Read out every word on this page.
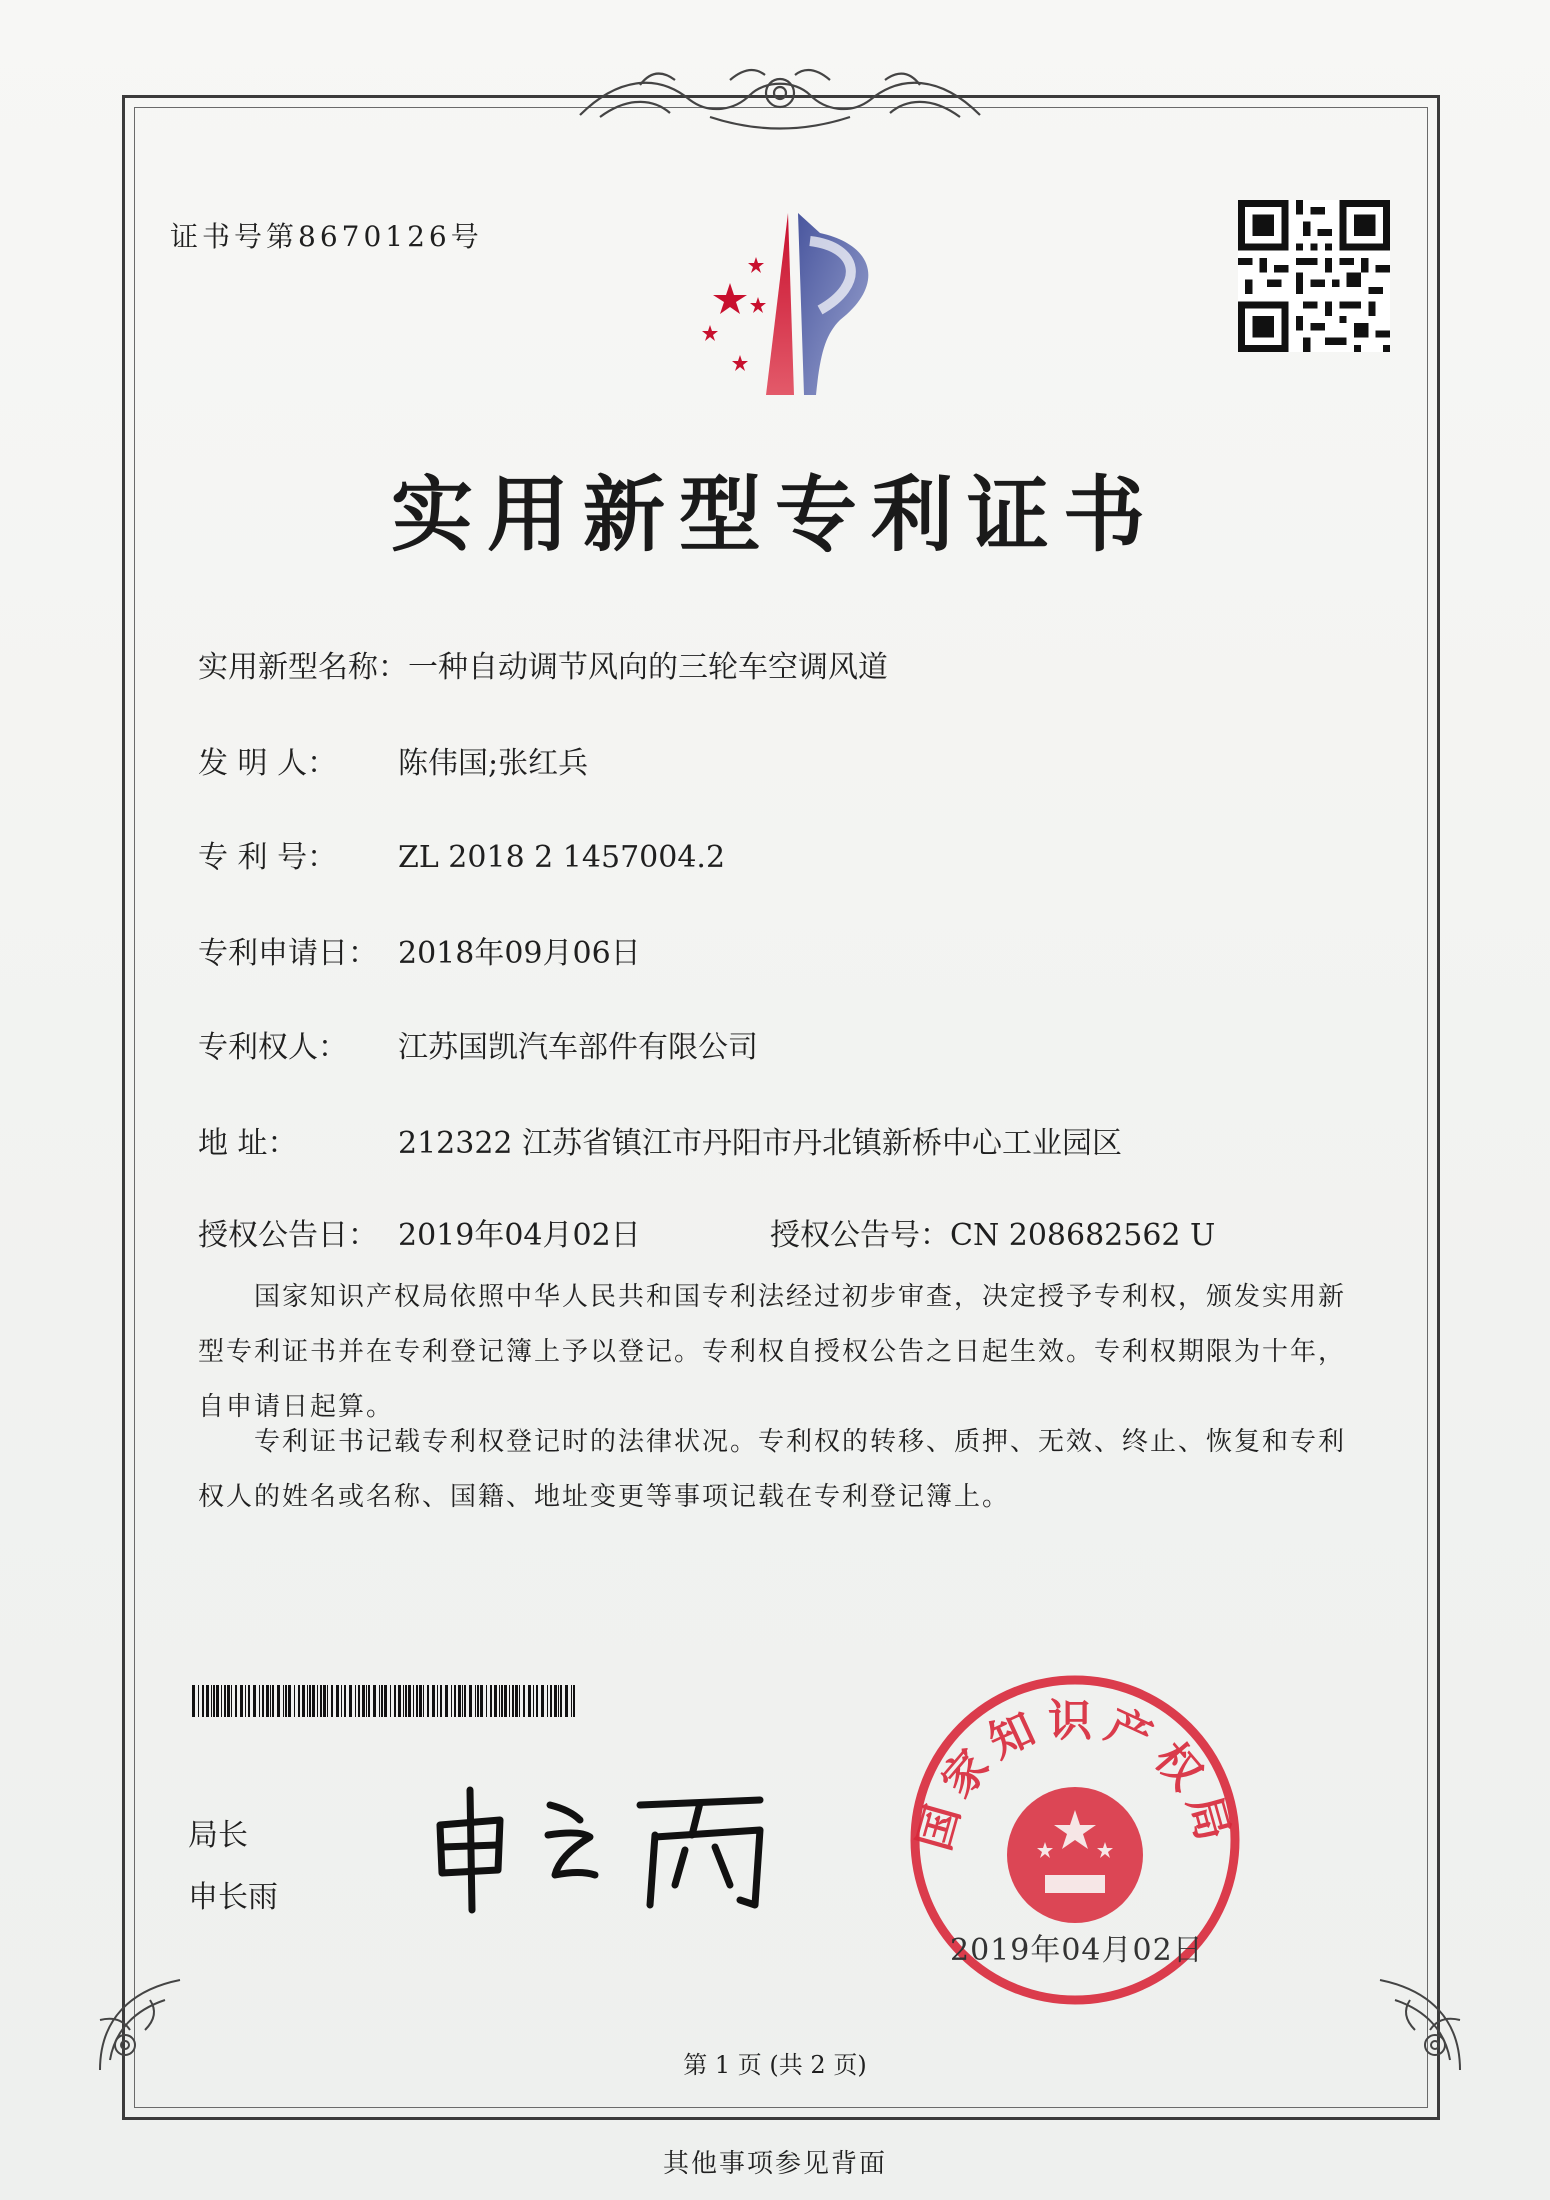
证书号第8670126号
实用新型专利证书
实用新型名称：一种自动调节风向的三轮车空调风道
发 明 人： 陈伟国;张红兵
专 利 号： ZL 2018 2 1457004.2
专利申请日： 2018年09月06日
专利权人： 江苏国凯汽车部件有限公司
地 址：	212322 江苏省镇江市丹阳市丹北镇新桥中心工业园区
授权公告日： 2019年04月02日	授权公告号：CN 208682562 U
国家知识产权局依照中华人民共和国专利法经过初步审查，决定授予专利权，颁发实用新型专利证书并在专利登记簿上予以登记。专利权自授权公告之日起生效。专利权期限为十年，自申请日起算。
专利证书记载专利权登记时的法律状况。专利权的转移、质押、无效、终止、恢复和专利权人的姓名或名称、国籍、地址变更等事项记载在专利登记簿上。
局长
申长雨
国家知识产权局
2019年04月02日
第 1 页 (共 2 页)
其他事项参见背面
